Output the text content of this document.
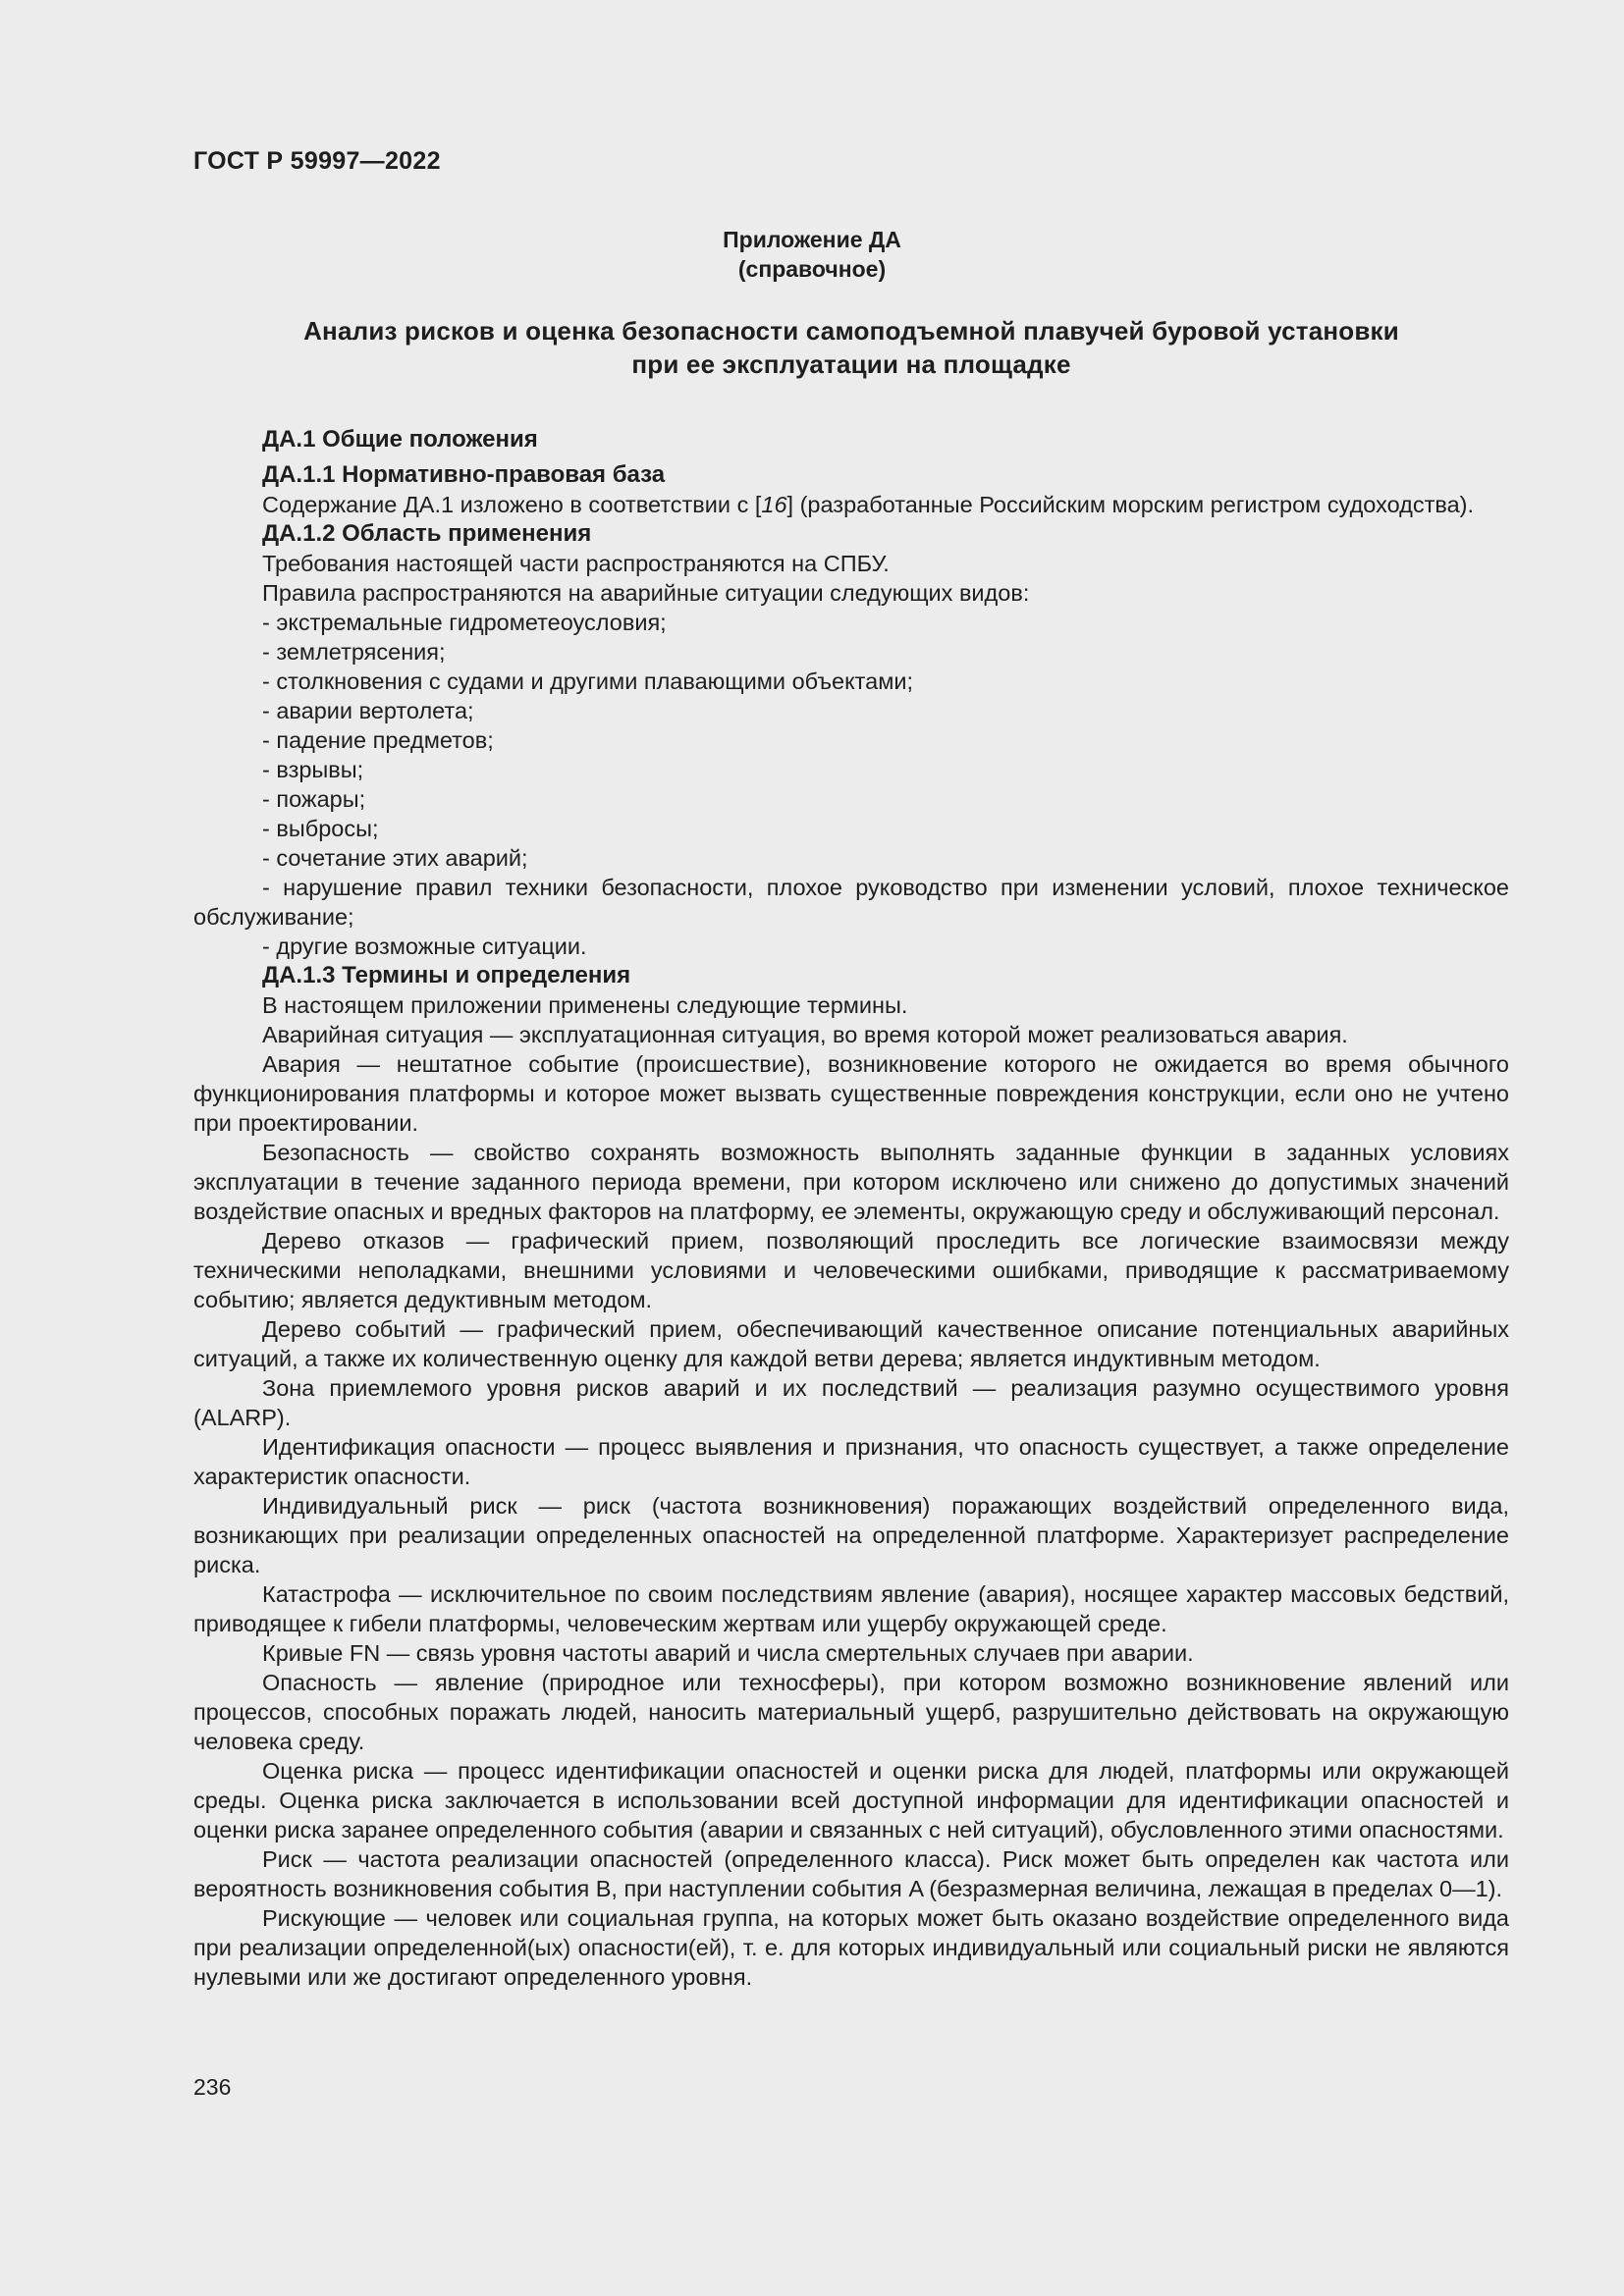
ГОСТ Р 59997—2022
Приложение ДА
(справочное)
Анализ рисков и оценка безопасности самоподъемной плавучей буровой установки
при ее эксплуатации на площадке

ДА.1 Общие положения

ДА.1.1 Нормативно-правовая база

Содержание ДА.1 изложено в соответствии с [16] (разработанные Российским морским регистром судоходства).

ДА.1.2 Область применения

Требования настоящей части распространяются на СПБУ.

Правила распространяются на аварийные ситуации следующих видов:

- экстремальные гидрометеоусловия;

- землетрясения;

- столкновения с судами и другими плавающими объектами;

- аварии вертолета;

- падение предметов;

- взрывы;

- пожары;

- выбросы;

- сочетание этих аварий;

- нарушение правил техники безопасности, плохое руководство при изменении условий, плохое техническое обслуживание;

- другие возможные ситуации.

ДА.1.3 Термины и определения

В настоящем приложении применены следующие термины.

Аварийная ситуация — эксплуатационная ситуация, во время которой может реализоваться авария.

Авария — нештатное событие (происшествие), возникновение которого не ожидается во время обычного функционирования платформы и которое может вызвать существенные повреждения конструкции, если оно не учтено при проектировании.

Безопасность — свойство сохранять возможность выполнять заданные функции в заданных условиях эксплуатации в течение заданного периода времени, при котором исключено или снижено до допустимых значений воздействие опасных и вредных факторов на платформу, ее элементы, окружающую среду и обслуживающий персонал.

Дерево отказов — графический прием, позволяющий проследить все логические взаимосвязи между техническими неполадками, внешними условиями и человеческими ошибками, приводящие к рассматриваемому событию; является дедуктивным методом.

Дерево событий — графический прием, обеспечивающий качественное описание потенциальных аварийных ситуаций, а также их количественную оценку для каждой ветви дерева; является индуктивным методом.

Зона приемлемого уровня рисков аварий и их последствий — реализация разумно осуществимого уровня (ALARP).

Идентификация опасности — процесс выявления и признания, что опасность существует, а также определение характеристик опасности.

Индивидуальный риск — риск (частота возникновения) поражающих воздействий определенного вида, возникающих при реализации определенных опасностей на определенной платформе. Характеризует распределение риска.

Катастрофа — исключительное по своим последствиям явление (авария), носящее характер массовых бедствий, приводящее к гибели платформы, человеческим жертвам или ущербу окружающей среде.

Кривые FN — связь уровня частоты аварий и числа смертельных случаев при аварии.

Опасность — явление (природное или техносферы), при котором возможно возникновение явлений или процессов, способных поражать людей, наносить материальный ущерб, разрушительно действовать на окружающую человека среду.

Оценка риска — процесс идентификации опасностей и оценки риска для людей, платформы или окружающей среды. Оценка риска заключается в использовании всей доступной информации для идентификации опасностей и оценки риска заранее определенного события (аварии и связанных с ней ситуаций), обусловленного этими опасностями.

Риск — частота реализации опасностей (определенного класса). Риск может быть определен как частота или вероятность возникновения события B, при наступлении события A (безразмерная величина, лежащая в пределах 0—1).

Рискующие — человек или социальная группа, на которых может быть оказано воздействие определенного вида при реализации определенной(ых) опасности(ей), т. е. для которых индивидуальный или социальный риски не являются нулевыми или же достигают определенного уровня.

236
